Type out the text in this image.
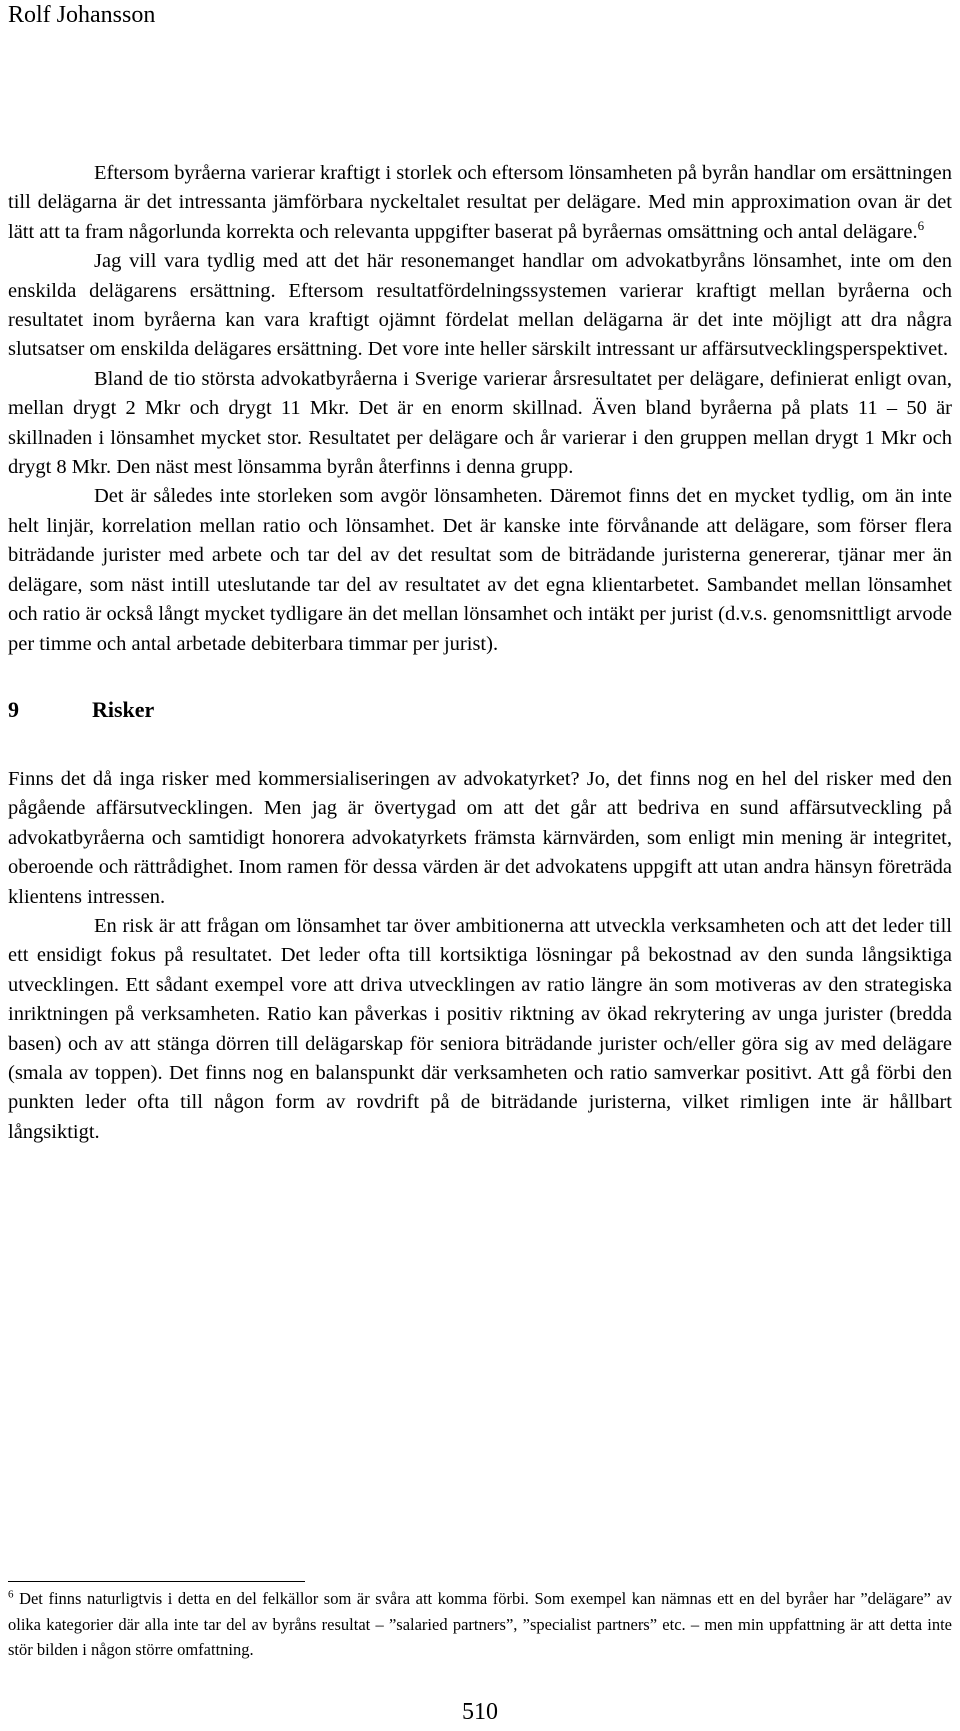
Rolf Johansson

Eftersom byråerna varierar kraftigt i storlek och eftersom lönsamheten på byrån handlar om ersättningen till delägarna är det intressanta jämförbara nyckeltalet resultat per delägare. Med min approximation ovan är det lätt att ta fram någorlunda korrekta och relevanta uppgifter baserat på byråernas omsättning och antal delägare.$^6$

Jag vill vara tydlig med att det här resonemanget handlar om advokatbyråns lönsamhet, inte om den enskilda delägarens ersättning. Eftersom resultatfördelningssystemen varierar kraftigt mellan byråerna och resultatet inom byråerna kan vara kraftigt ojämnt fördelat mellan delägarna är det inte möjligt att dra några slutsatser om enskilda delägares ersättning. Det vore inte heller särskilt intressant ur affärsutvecklingsperspektivet.

Bland de tio största advokatbyråerna i Sverige varierar årsresultatet per delägare, definierat enligt ovan, mellan drygt 2 Mkr och drygt 11 Mkr. Det är en enorm skillnad. Även bland byråerna på plats 11 – 50 är skillnaden i lönsamhet mycket stor. Resultatet per delägare och år varierar i den gruppen mellan drygt 1 Mkr och drygt 8 Mkr. Den näst mest lönsamma byrån återfinns i denna grupp.

Det är således inte storleken som avgör lönsamheten. Däremot finns det en mycket tydlig, om än inte helt linjär, korrelation mellan ratio och lönsamhet. Det är kanske inte förvånande att delägare, som förser flera biträdande jurister med arbete och tar del av det resultat som de biträdande juristerna genererar, tjänar mer än delägare, som näst intill uteslutande tar del av resultatet av det egna klientarbetet. Sambandet mellan lönsamhet och ratio är också långt mycket tydligare än det mellan lönsamhet och intäkt per jurist (d.v.s. genomsnittligt arvode per timme och antal arbetade debiterbara timmar per jurist).

9	Risker

Finns det då inga risker med kommersialiseringen av advokatyrket? Jo, det finns nog en hel del risker med den pågående affärsutvecklingen. Men jag är övertygad om att det går att bedriva en sund affärsutveckling på advokatbyråerna och samtidigt honorera advokatyrkets främsta kärnvärden, som enligt min mening är integritet, oberoende och rättrådighet. Inom ramen för dessa värden är det advokatens uppgift att utan andra hänsyn företräda klientens intressen.

En risk är att frågan om lönsamhet tar över ambitionerna att utveckla verksamheten och att det leder till ett ensidigt fokus på resultatet. Det leder ofta till kortsiktiga lösningar på bekostnad av den sunda långsiktiga utvecklingen. Ett sådant exempel vore att driva utvecklingen av ratio längre än som motiveras av den strategiska inriktningen på verksamheten. Ratio kan påverkas i positiv riktning av ökad rekrytering av unga jurister (bredda basen) och av att stänga dörren till delägarskap för seniora biträdande jurister och/eller göra sig av med delägare (smala av toppen). Det finns nog en balanspunkt där verksamheten och ratio samverkar positivt. Att gå förbi den punkten leder ofta till någon form av rovdrift på de biträdande juristerna, vilket rimligen inte är hållbart långsiktigt.

$^6$ Det finns naturligtvis i detta en del felkällor som är svåra att komma förbi. Som exempel kan nämnas ett en del byråer har ”delägare” av olika kategorier där alla inte tar del av byråns resultat – ”salaried partners”, ”specialist partners” etc. – men min uppfattning är att detta inte stör bilden i någon större omfattning.
510
